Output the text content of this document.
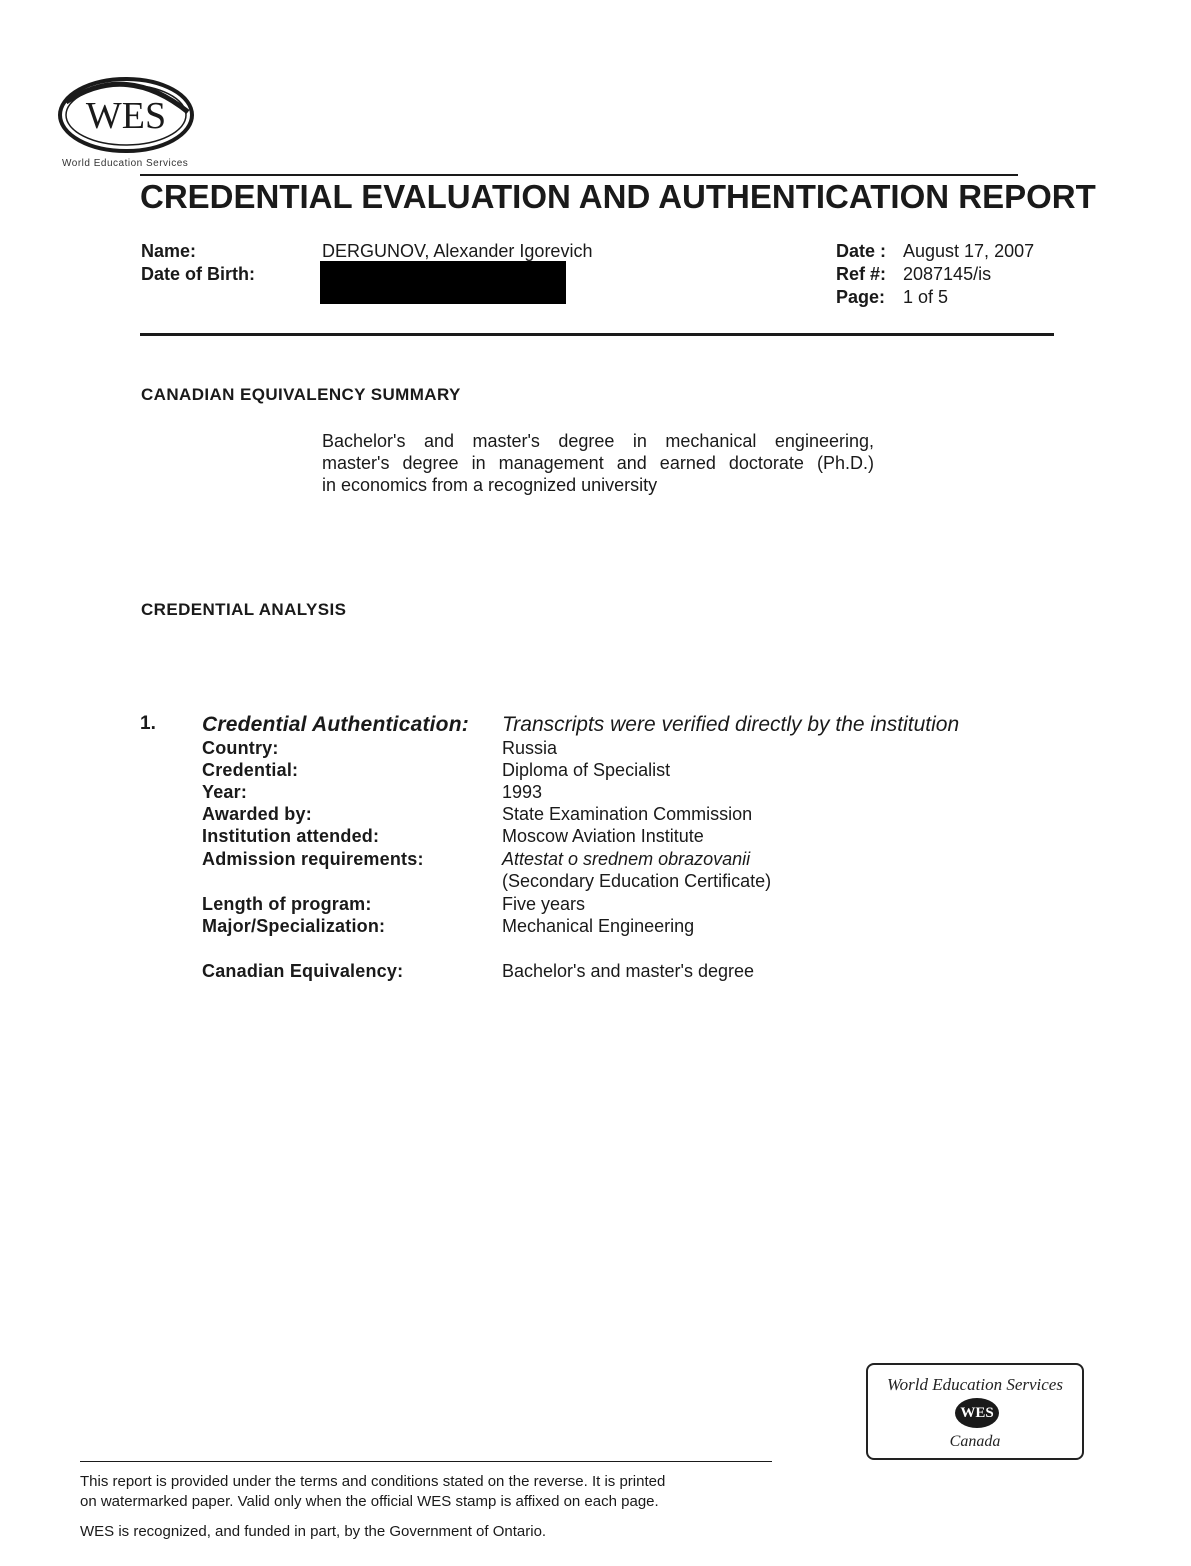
WES
World Education Services
CREDENTIAL EVALUATION AND AUTHENTICATION REPORT
Name:	DERGUNOV, Alexander Igorevich
Date of Birth:
Date : August 17, 2007
Ref #: 2087145/is
Page: 1 of 5
CANADIAN EQUIVALENCY SUMMARY
Bachelor's and master's degree in mechanical engineering,
master's degree in management and earned doctorate (Ph.D.)
in economics from a recognized university
CREDENTIAL ANALYSIS
1. Credential Authentication: Transcripts were verified directly by the institution
Country:	Russia
Credential:	Diploma of Specialist
Year:	1993
Awarded by:	State Examination Commission
Institution attended:	Moscow Aviation Institute
Admission requirements:	Attestat o srednem obrazovanii
(Secondary Education Certificate)
Length of program:	Five years
Major/Specialization:	Mechanical Engineering
Canadian Equivalency:	Bachelor's and master's degree
World Education Services
WES
Canada
This report is provided under the terms and conditions stated on the reverse. It is printed
on watermarked paper. Valid only when the official WES stamp is affixed on each page.
WES is recognized, and funded in part, by the Government of Ontario.
